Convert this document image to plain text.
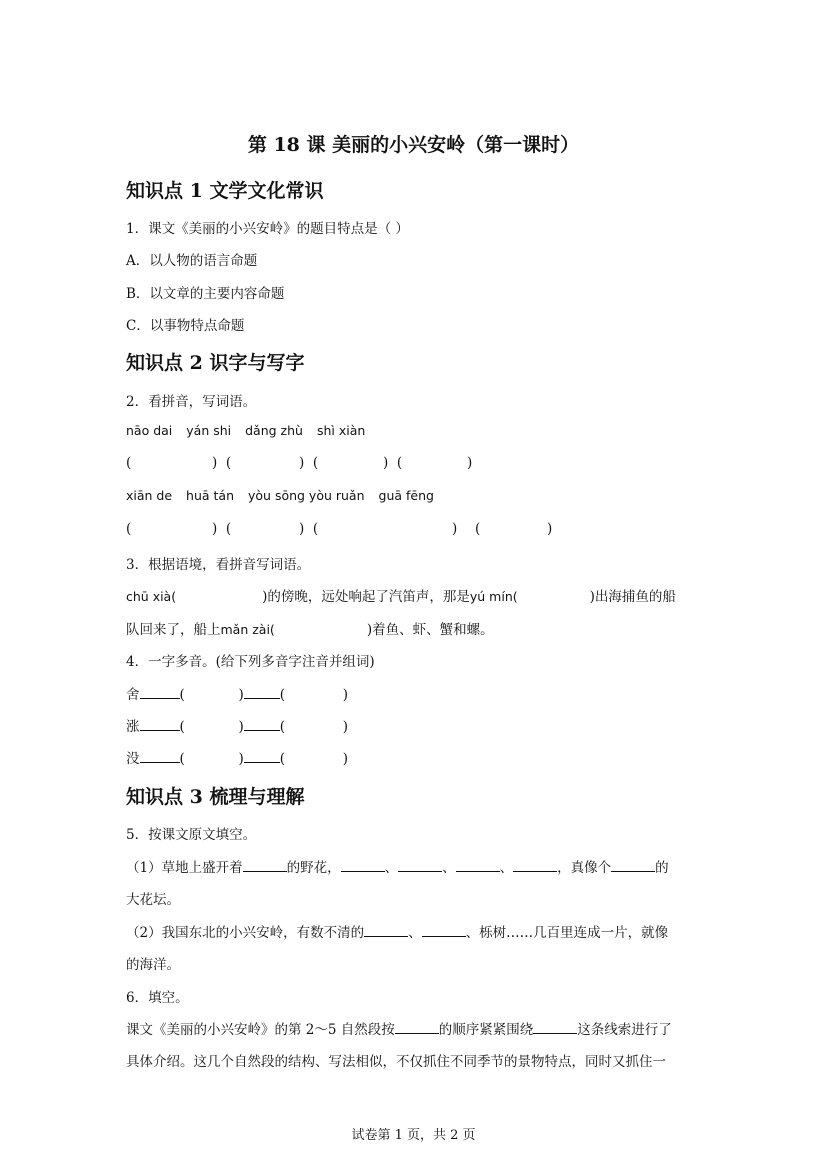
第 18 课 美丽的小兴安岭（第一课时）
知识点 1 文学文化常识
1．课文《美丽的小兴安岭》的题目特点是（ ）
A．以人物的语言命题
B．以文章的主要内容命题
C．以事物特点命题
知识点 2 识字与写字
2．看拼音，写词语。
nāo dai yán shi dǎng zhù shì xiàn
(	)  (	)  (	)  (	)
xiān de huā tán yòu sōng yòu ruǎn guā fēng
(	)  (	)  (	) (	)
3．根据语境，看拼音写词语。
chū xià(	)的傍晚，远处响起了汽笛声，那是yú mín(	)出海捕鱼的船
队回来了，船上mǎn zài(	)着鱼、虾、蟹和螺。
4．一字多音。(给下列多音字注音并组词)
舍	(	)	(	)
涨	(	)	(	)
没	(	)	(	)
知识点 3 梳理与理解
5．按课文原文填空。
（1）草地上盛开着	的野花，	、	、	、	，真像个	的
大花坛。
（2）我国东北的小兴安岭，有数不清的	、	、栎树……几百里连成一片，就像
的海洋。
6．填空。
课文《美丽的小兴安岭》的第 2～5 自然段按	的顺序紧紧围绕	这条线索进行了
具体介绍。这几个自然段的结构、写法相似，不仅抓住不同季节的景物特点，同时又抓住一
试卷第 1 页，共 2 页
